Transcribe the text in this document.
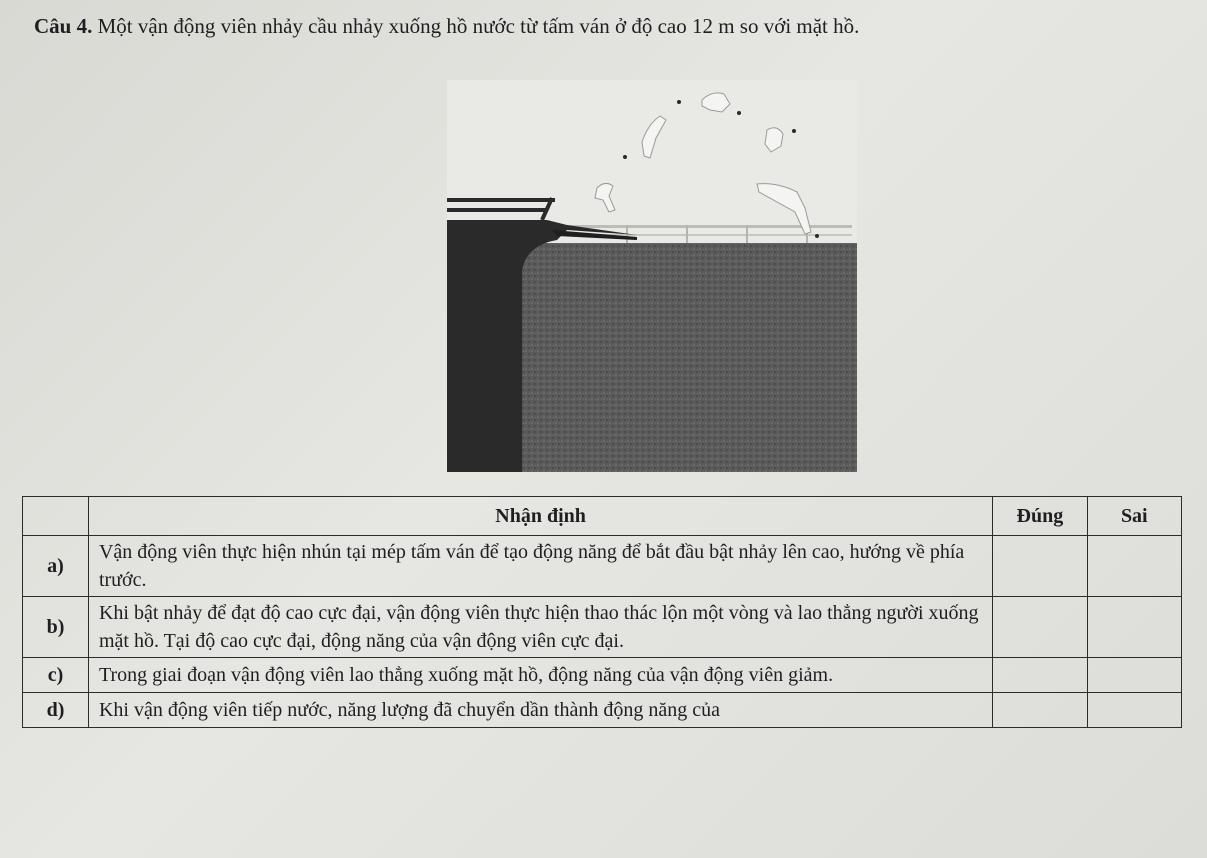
Câu 4. Một vận động viên nhảy cầu nhảy xuống hồ nước từ tấm ván ở độ cao 12 m so với mặt hồ.
	Nhận định	Đúng	Sai
a)	Vận động viên thực hiện nhún tại mép tấm ván để tạo động năng để bắt đầu bật nhảy lên cao, hướng về phía trước.		
b)	Khi bật nhảy để đạt độ cao cực đại, vận động viên thực hiện thao thác lộn một vòng và lao thẳng người xuống mặt hồ. Tại độ cao cực đại, động năng của vận động viên cực đại.		
c)	Trong giai đoạn vận động viên lao thẳng xuống mặt hồ, động năng của vận động viên giảm.		
d)	Khi vận động viên tiếp nước, năng lượng đã chuyển dần thành động năng của		
